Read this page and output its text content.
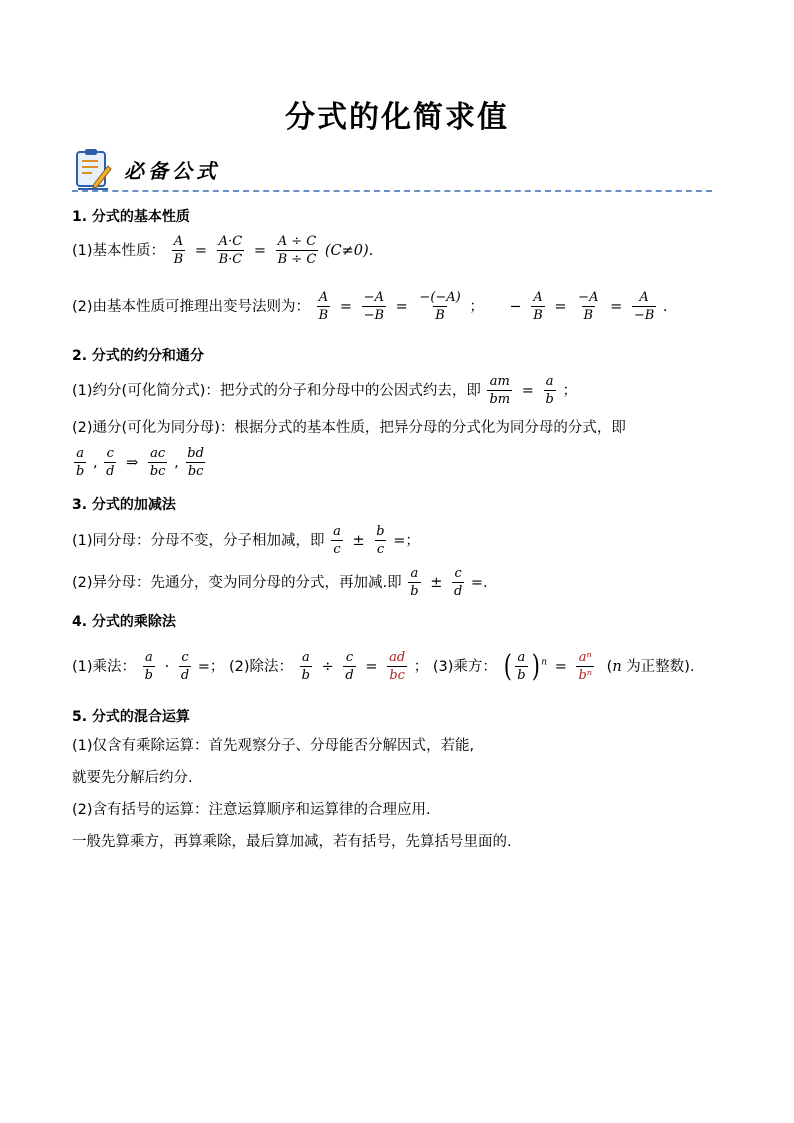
分式的化简求值
必备公式
1. 分式的基本性质
(1)基本性质： $\frac{A}{B} = \frac{A\cdot C}{B\cdot C} = \frac{A \div C}{B \div C} (C\ne 0)$.
(2)由基本性质可推理出变号法则为： $\frac{A}{B} = \frac{-A}{-B} = \frac{-(-A)}{B}$ ； − $\frac{A}{B} = \frac{-A}{B} = \frac{A}{-B}$ .
2. 分式的约分和通分
(1)约分(可化简分式)：把分式的分子和分母中的公因式约去，即 $\frac{am}{bm} = \frac{a}{b}$ ；
(2)通分(可化为同分母)：根据分式的基本性质，把异分母的分式化为同分母的分式，即
$\frac{a}{b}$ , $\frac{c}{d}$ ⇒ $\frac{ac}{bc}$ , $\frac{bd}{bc}$
3. 分式的加减法
(1)同分母：分母不变，分子相加减，即 $\frac{a}{c} \pm \frac{b}{c}$ =；
(2)异分母：先通分，变为同分母的分式，再加减.即 $\frac{a}{b} \pm \frac{c}{d}$ =.
4. 分式的乘除法
(1)乘法： $\frac{a}{b} \cdot \frac{c}{d}$ =； (2)除法： $\frac{a}{b} \div \frac{c}{d} = \frac{ad}{bc}$ ； (3)乘方： ( $\frac{a}{b}$ ) $^n = \frac{\text{aⁿ}}{\text{bⁿ}} (n$ 为正整数).
5. 分式的混合运算
(1)仅含有乘除运算：首先观察分子、分母能否分解因式，若能,
就要先分解后约分.
(2)含有括号的运算：注意运算顺序和运算律的合理应用.
一般先算乘方，再算乘除，最后算加减，若有括号，先算括号里面的.
